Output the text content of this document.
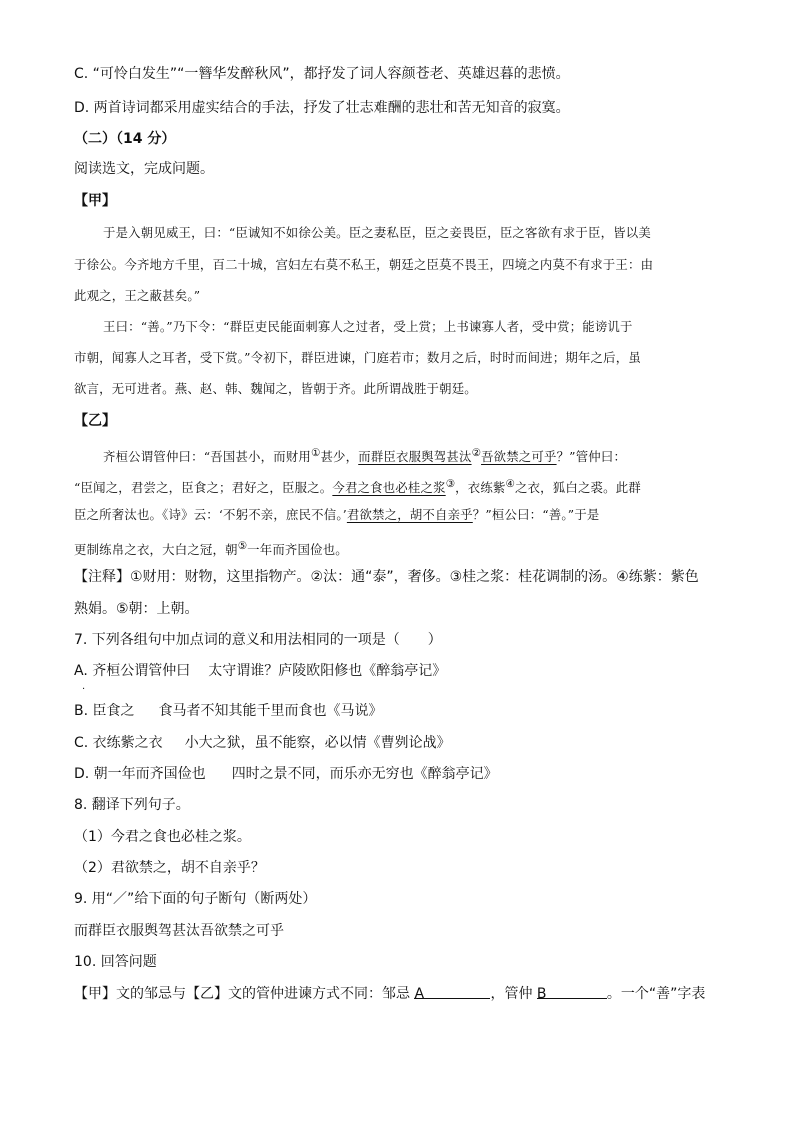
C. “可怜白发生”“一簪华发醉秋风”，都抒发了词人容颜苍老、英雄迟暮的悲愤。
D. 两首诗词都采用虚实结合的手法，抒发了壮志难酬的悲壮和苦无知音的寂寞。
（二）（14 分）
阅读选文，完成问题。
【甲】
于是入朝见威王，曰：“臣诚知不如徐公美。臣之妻私臣，臣之妾畏臣，臣之客欲有求于臣，皆以美
于徐公。今齐地方千里，百二十城，宫妇左右莫不私王，朝廷之臣莫不畏王，四境之内莫不有求于王：由
此观之，王之蔽甚矣。”
王曰：“善。”乃下令：“群臣吏民能面刺寡人之过者，受上赏；上书谏寡人者，受中赏；能谤讥于
市朝，闻寡人之耳者，受下赏。”令初下，群臣进谏，门庭若市；数月之后，时时而间进；期年之后，虽
欲言，无可进者。燕、赵、韩、魏闻之，皆朝于齐。此所谓战胜于朝廷。
【乙】
齐桓公谓管仲曰：“吾国甚小，而财用①甚少，而群臣衣服舆驾甚汰②吾欲禁之可乎？”管仲曰：
“臣闻之，君尝之，臣食之；君好之，臣服之。今君之食也必桂之浆③，衣练紫④之衣，狐白之裘。此群
臣之所奢汰也。《诗》云：‘不躬不亲，庶民不信。’君欲禁之，胡不自亲乎？”桓公曰：“善。”于是
更制练帛之衣，大白之冠，朝⑤一年而齐国俭也。
【注释】①财用：财物，这里指物产。②汰：通“泰”，奢侈。③桂之浆：桂花调制的汤。④练紫：紫色
熟娟。⑤朝：上朝。
7. 下列各组句中加点词的意义和用法相同的一项是（　　）
A. 齐桓公谓管仲曰 太守谓谁？庐陵欧阳修也《醉翁亭记》
·
B. 臣食之 食马者不知其能千里而食也《马说》
C. 衣练紫之衣 小大之狱，虽不能察，必以情《曹刿论战》
D. 朝一年而齐国俭也 四时之景不同，而乐亦无穷也《醉翁亭记》
8. 翻译下列句子。
（1）今君之食也必桂之浆。
（2）君欲禁之，胡不自亲乎？
9. 用“／”给下面的句子断句（断两处）
而群臣衣服舆驾甚汰吾欲禁之可乎
10. 回答问题
【甲】文的邹忌与【乙】文的管仲进谏方式不同：邹忌 A	，管仲 B	。一个“善”字表
